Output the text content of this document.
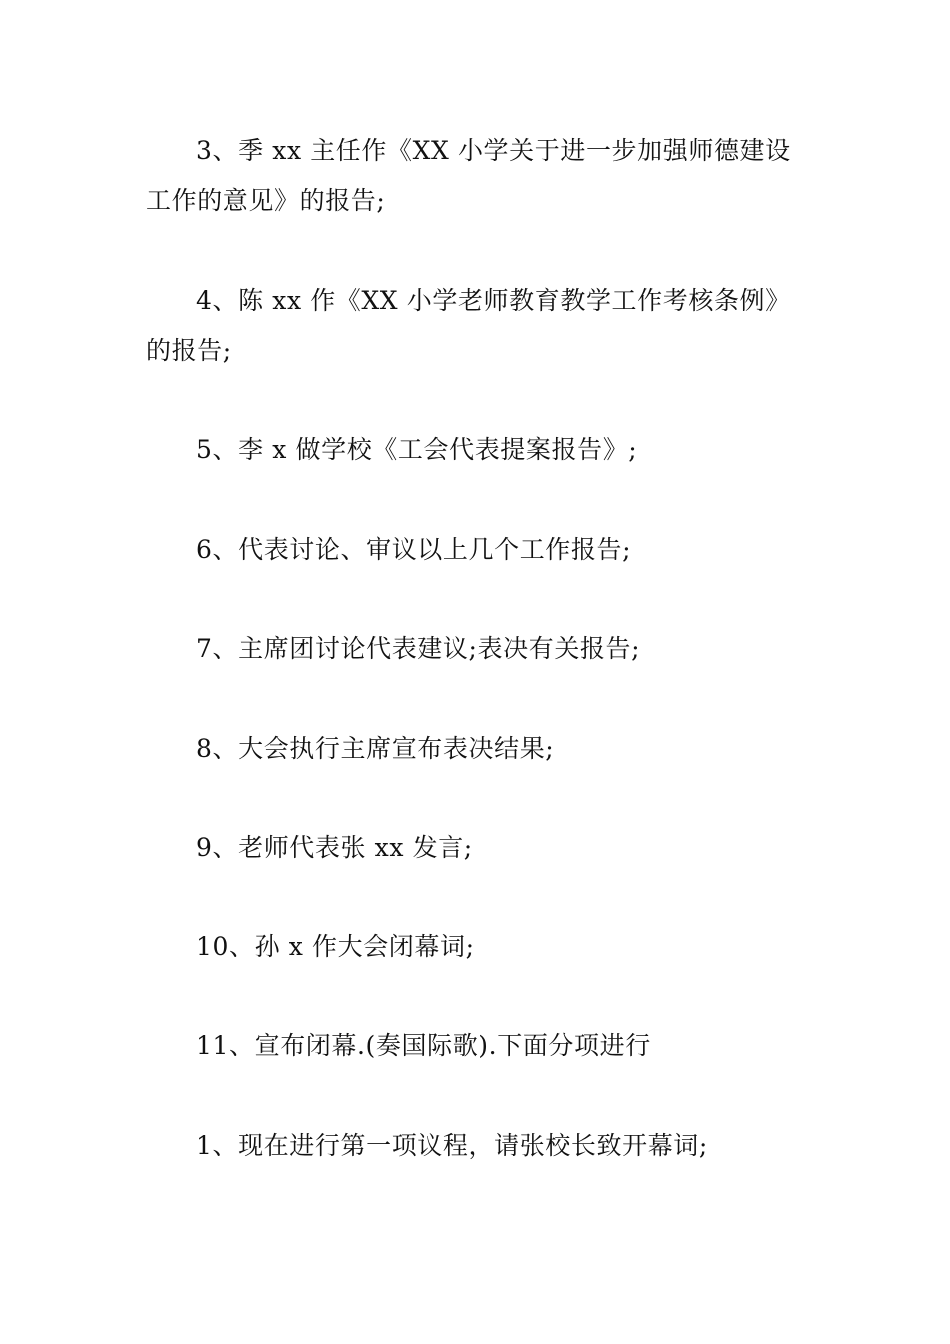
3、季 xx 主任作《XX 小学关于进一步加强师德建设工作的意见》的报告;

4、陈 xx 作《XX 小学老师教育教学工作考核条例》的报告;

5、李 x 做学校《工会代表提案报告》;

6、代表讨论、审议以上几个工作报告;

7、主席团讨论代表建议;表决有关报告;

8、大会执行主席宣布表决结果;

9、老师代表张 xx 发言;

10、孙 x 作大会闭幕词;

11、宣布闭幕.(奏国际歌).下面分项进行

1、现在进行第一项议程，请张校长致开幕词;
